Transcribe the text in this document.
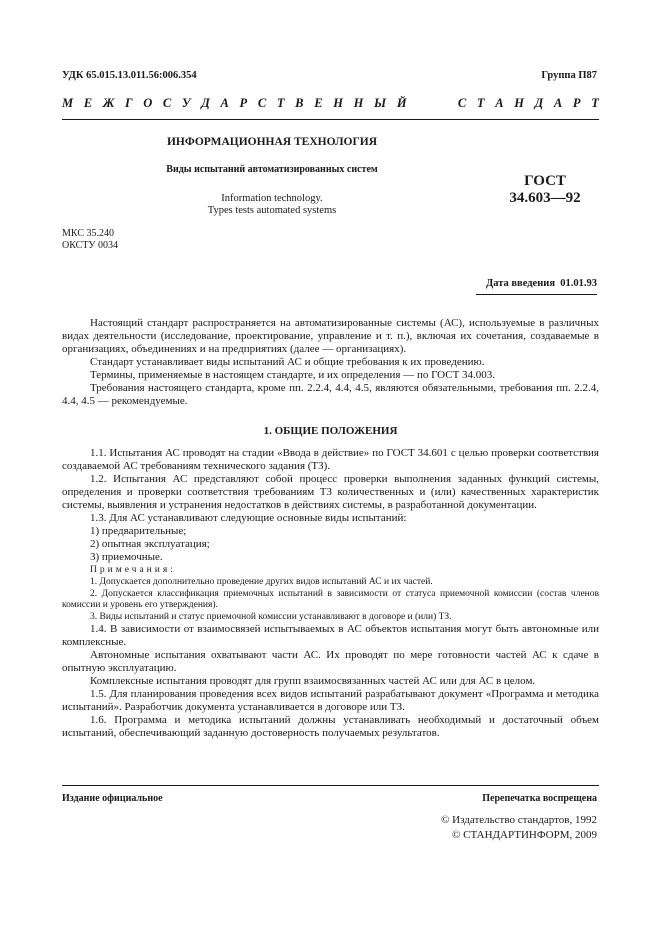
УДК 65.015.13.011.56:006.354	Группа П87
М Е Ж Г О С У Д А Р С Т В Е Н Н Ы Й	С Т А Н Д А Р Т
ИНФОРМАЦИОННАЯ ТЕХНОЛОГИЯ
Виды испытаний автоматизированных систем
Information technology.
Types tests automated systems
ГОСТ
34.603—92
МКС 35.240
ОКСТУ 0034
Дата введения 01.01.93

Настоящий стандарт распространяется на автоматизированные системы (АС), используемые в различных видах деятельности (исследование, проектирование, управление и т. п.), включая их сочетания, создаваемые в организациях, объединениях и на предприятиях (далее — организациях).

Стандарт устанавливает виды испытаний АС и общие требования к их проведению.

Термины, применяемые в настоящем стандарте, и их определения — по ГОСТ 34.003.

Требования настоящего стандарта, кроме пп. 2.2.4, 4.4, 4.5, являются обязательными, требования пп. 2.2.4, 4.4, 4.5 — рекомендуемые.

1. ОБЩИЕ ПОЛОЖЕНИЯ

1.1. Испытания АС проводят на стадии «Ввода в действие» по ГОСТ 34.601 с целью проверки соответствия создаваемой АС требованиям технического задания (ТЗ).

1.2. Испытания АС представляют собой процесс проверки выполнения заданных функций системы, определения и проверки соответствия требованиям ТЗ количественных и (или) качественных характеристик системы, выявления и устранения недостатков в действиях системы, в разработанной документации.

1.3. Для АС устанавливают следующие основные виды испытаний:

1) предварительные;

2) опытная эксплуатация;

3) приемочные.

Примечания:

1. Допускается дополнительно проведение других видов испытаний АС и их частей.

2. Допускается классификация приемочных испытаний в зависимости от статуса приемочной комиссии (состав членов комиссии и уровень его утверждения).

3. Виды испытаний и статус приемочной комиссии устанавливают в договоре и (или) ТЗ.

1.4. В зависимости от взаимосвязей испытываемых в АС объектов испытания могут быть автономные или комплексные.

Автономные испытания охватывают части АС. Их проводят по мере готовности частей АС к сдаче в опытную эксплуатацию.

Комплексные испытания проводят для групп взаимосвязанных частей АС или для АС в целом.

1.5. Для планирования проведения всех видов испытаний разрабатывают документ «Программа и методика испытаний». Разработчик документа устанавливается в договоре или ТЗ.

1.6. Программа и методика испытаний должны устанавливать необходимый и достаточный объем испытаний, обеспечивающий заданную достоверность получаемых результатов.

Издание официальное	Перепечатка воспрещена
© Издательство стандартов, 1992
© СТАНДАРТИНФОРМ, 2009
